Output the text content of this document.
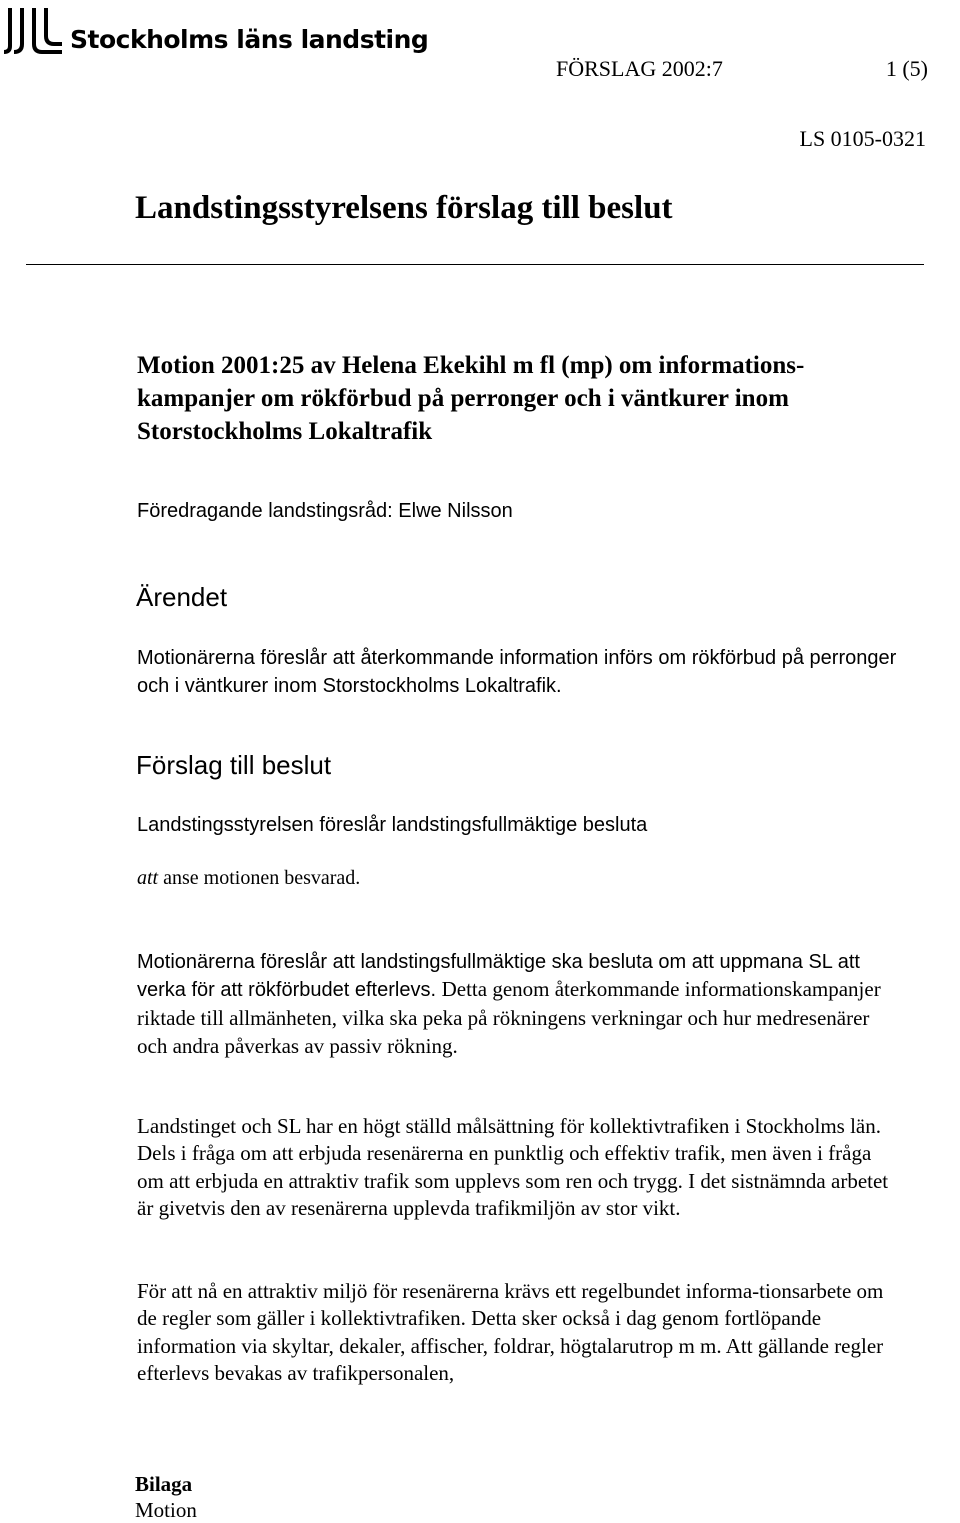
Stockholms läns landsting
FÖRSLAG 2002:7	1 (5)
LS 0105-0321
Landstingsstyrelsens förslag till beslut
Motion 2001:25 av Helena Ekekihl m fl (mp) om informations-kampanjer om rökförbud på perronger och i väntkurer inom Storstockholms Lokaltrafik
Föredragande landstingsråd: Elwe Nilsson
Ärendet

Motionärerna föreslår att återkommande information införs om rökförbud på perronger och i väntkurer inom Storstockholms Lokaltrafik.

Förslag till beslut

Landstingsstyrelsen föreslår landstingsfullmäktige besluta

att anse motionen besvarad.

Motionärerna föreslår att landstingsfullmäktige ska besluta om att uppmana SL att verka för att rökförbudet efterlevs. Detta genom återkommande informationskampanjer riktade till allmänheten, vilka ska peka på rökningens verkningar och hur medresenärer och andra påverkas av passiv rökning.

Landstinget och SL har en högt ställd målsättning för kollektivtrafiken i Stockholms län. Dels i fråga om att erbjuda resenärerna en punktlig och effektiv trafik, men även i fråga om att erbjuda en attraktiv trafik som upplevs som ren och trygg. I det sistnämnda arbetet är givetvis den av resenärerna upplevda trafikmiljön av stor vikt.

För att nå en attraktiv miljö för resenärerna krävs ett regelbundet informa-tionsarbete om de regler som gäller i kollektivtrafiken. Detta sker också i dag genom fortlöpande information via skyltar, dekaler, affischer, foldrar, högtalarutrop m m. Att gällande regler efterlevs bevakas av trafikpersonalen,

Bilaga
Motion
